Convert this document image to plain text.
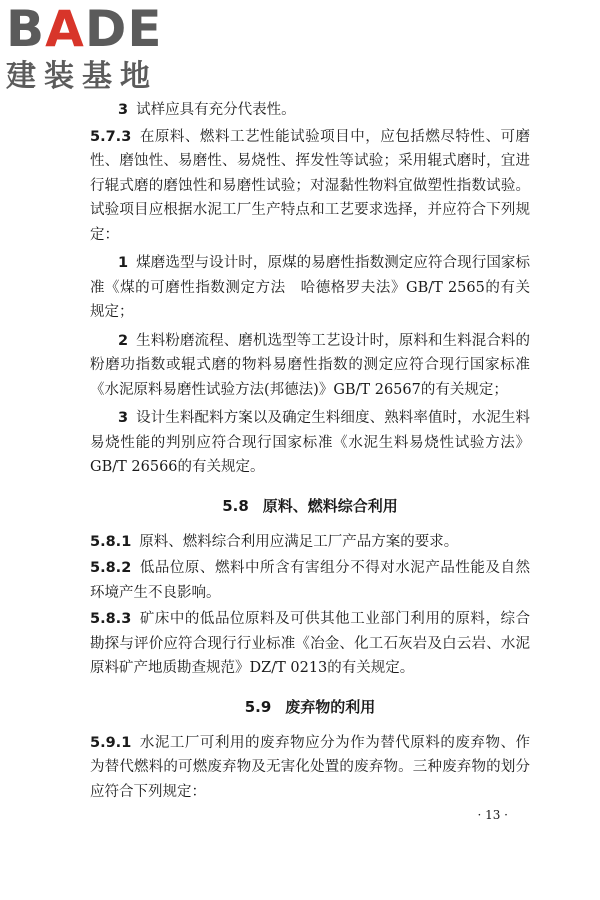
BADE
建装基地

3 试样应具有充分代表性。

5.7.3 在原料、燃料工艺性能试验项目中，应包括燃尽特性、可磨性、磨蚀性、易磨性、易烧性、挥发性等试验；采用辊式磨时，宜进行辊式磨的磨蚀性和易磨性试验；对湿黏性物料宜做塑性指数试验。试验项目应根据水泥工厂生产特点和工艺要求选择，并应符合下列规定：

1 煤磨选型与设计时，原煤的易磨性指数测定应符合现行国家标准《煤的可磨性指数测定方法　哈德格罗夫法》GB/T 2565的有关规定；

2 生料粉磨流程、磨机选型等工艺设计时，原料和生料混合料的粉磨功指数或辊式磨的物料易磨性指数的测定应符合现行国家标准《水泥原料易磨性试验方法(邦德法)》GB/T 26567的有关规定；

3 设计生料配料方案以及确定生料细度、熟料率值时，水泥生料易烧性能的判别应符合现行国家标准《水泥生料易烧性试验方法》GB/T 26566的有关规定。

5.8 原料、燃料综合利用

5.8.1 原料、燃料综合利用应满足工厂产品方案的要求。

5.8.2 低品位原、燃料中所含有害组分不得对水泥产品性能及自然环境产生不良影响。

5.8.3 矿床中的低品位原料及可供其他工业部门利用的原料，综合勘探与评价应符合现行行业标准《冶金、化工石灰岩及白云岩、水泥原料矿产地质勘查规范》DZ/T 0213的有关规定。

5.9 废弃物的利用

5.9.1 水泥工厂可利用的废弃物应分为作为替代原料的废弃物、作为替代燃料的可燃废弃物及无害化处置的废弃物。三种废弃物的划分应符合下列规定：

· 13 ·
